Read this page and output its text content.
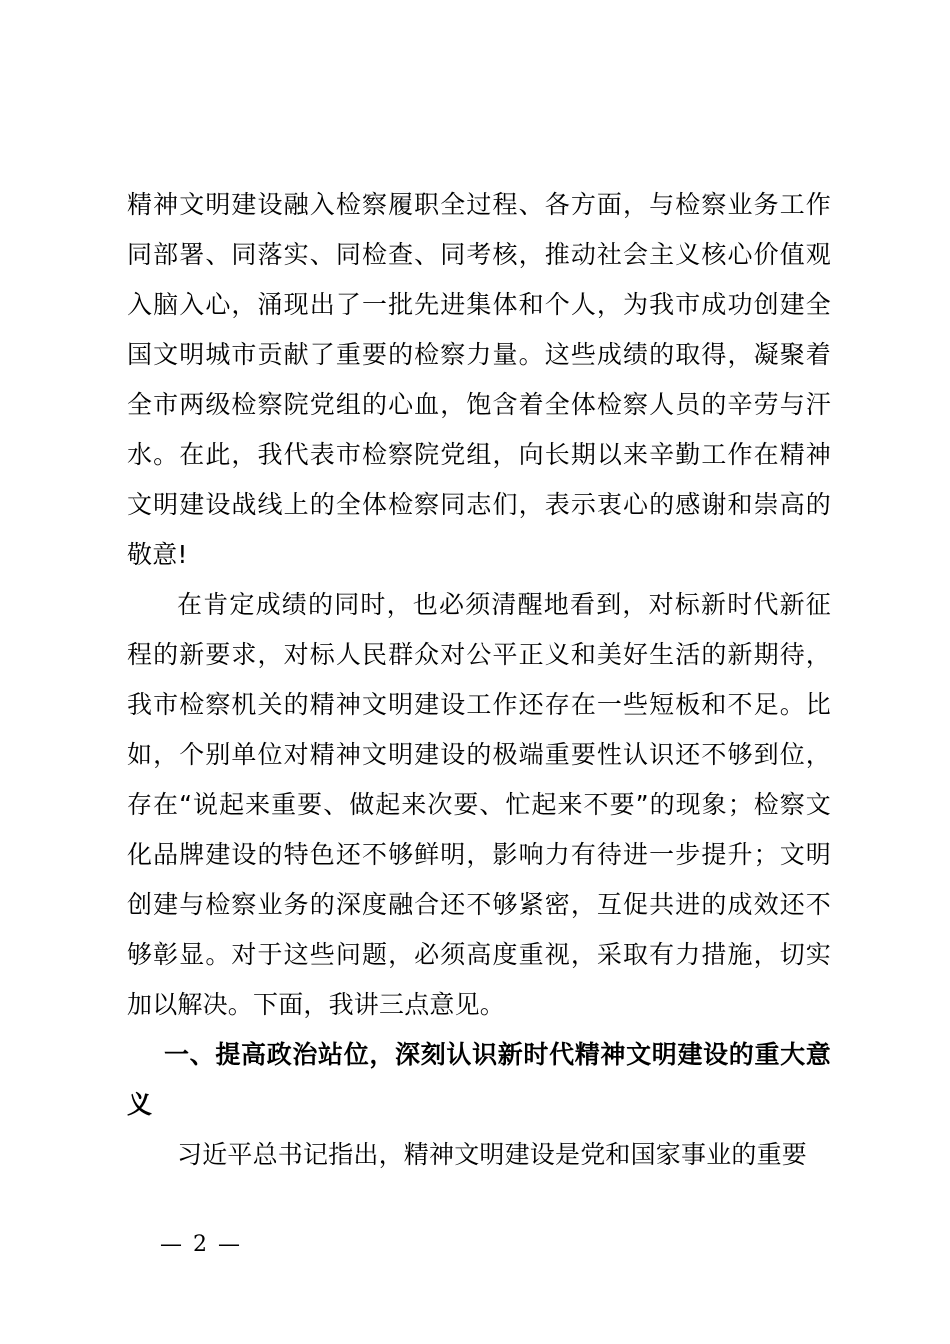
精神文明建设融入检察履职全过程、各方面，与检察业务工作同部署、同落实、同检查、同考核，推动社会主义核心价值观入脑入心，涌现出了一批先进集体和个人，为我市成功创建全国文明城市贡献了重要的检察力量。这些成绩的取得，凝聚着全市两级检察院党组的心血，饱含着全体检察人员的辛劳与汗水。在此，我代表市检察院党组，向长期以来辛勤工作在精神文明建设战线上的全体检察同志们，表示衷心的感谢和崇高的敬意!

在肯定成绩的同时，也必须清醒地看到，对标新时代新征程的新要求，对标人民群众对公平正义和美好生活的新期待，我市检察机关的精神文明建设工作还存在一些短板和不足。比如，个别单位对精神文明建设的极端重要性认识还不够到位，存在“说起来重要、做起来次要、忙起来不要”的现象；检察文化品牌建设的特色还不够鲜明，影响力有待进一步提升；文明创建与检察业务的深度融合还不够紧密，互促共进的成效还不够彰显。对于这些问题，必须高度重视，采取有力措施，切实加以解决。下面，我讲三点意见。

一、提高政治站位，深刻认识新时代精神文明建设的重大意义

习近平总书记指出，精神文明建设是党和国家事业的重要

— 2 —
